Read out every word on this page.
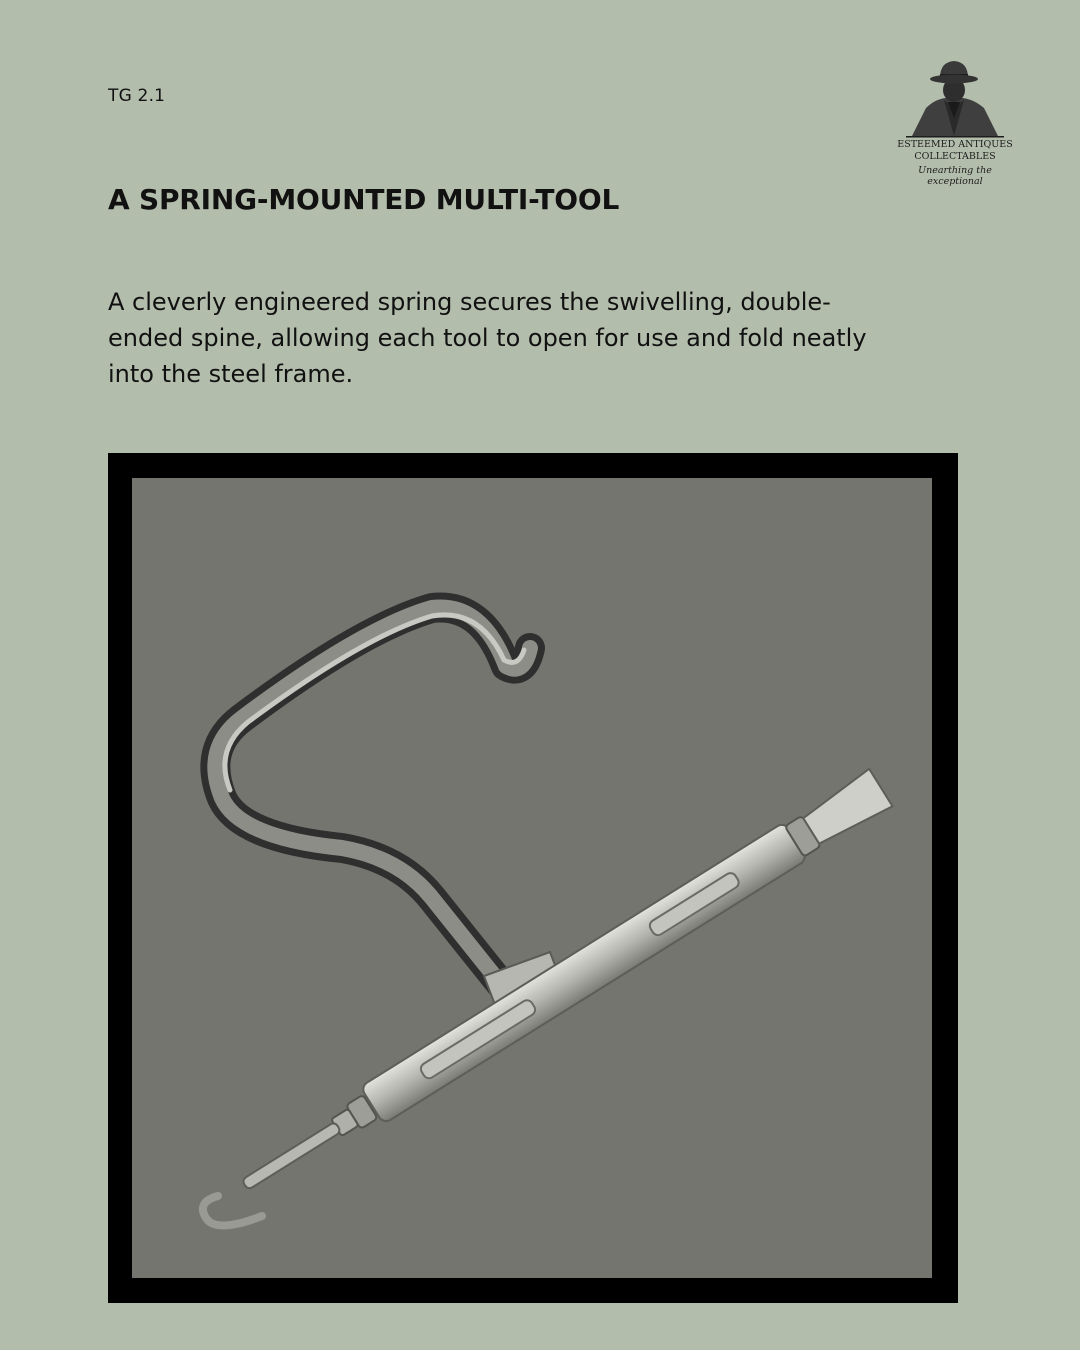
TG 2.1
ESTEEMED ANTIQUES
COLLECTABLES
Unearthing the exceptional
A SPRING-MOUNTED MULTI-TOOL

A cleverly engineered spring secures the swivelling, double-ended spine, allowing each tool to open for use and fold neatly into the steel frame.
